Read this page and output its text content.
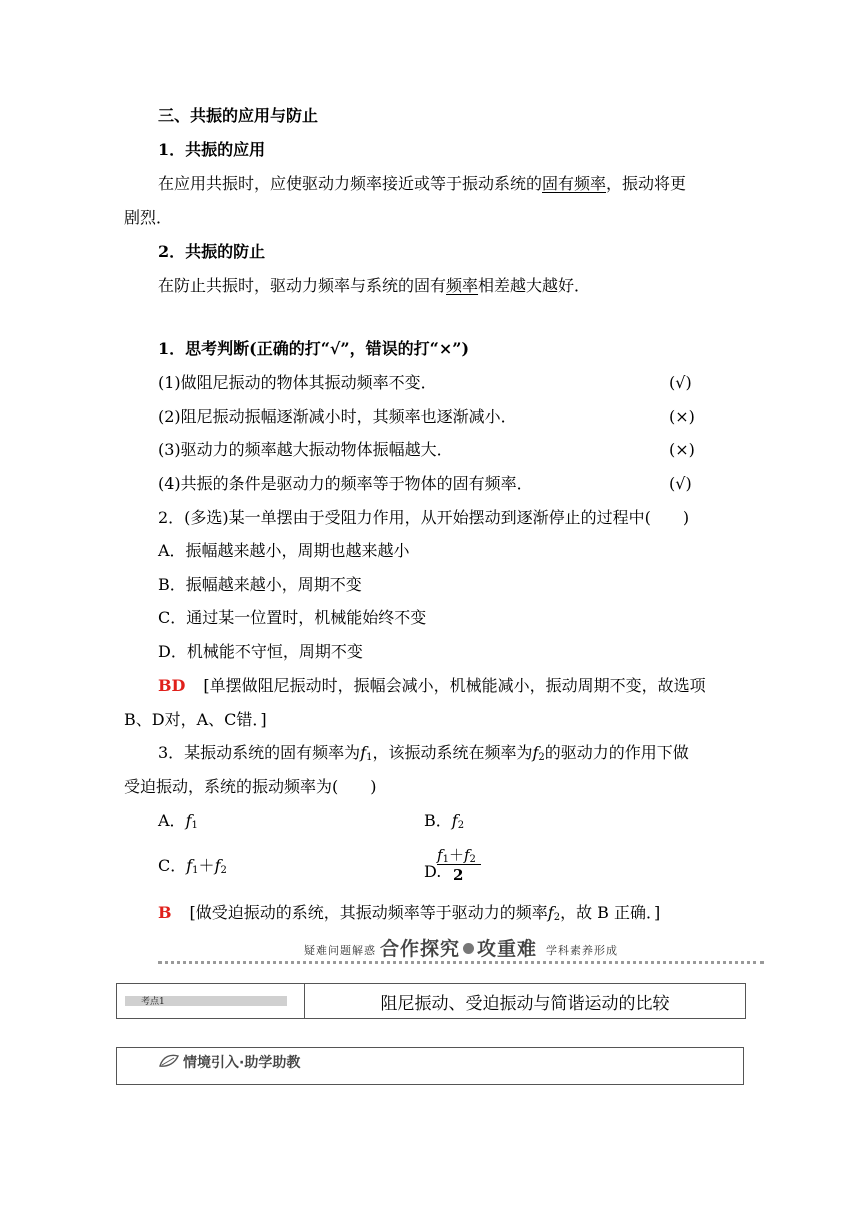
三、共振的应用与防止
1．共振的应用
在应用共振时，应使驱动力频率接近或等于振动系统的固有频率，振动将更
剧烈．
2．共振的防止
在防止共振时，驱动力频率与系统的固有频率相差越大越好．
1．思考判断(正确的打“√”，错误的打“×”)
(1)做阻尼振动的物体其振动频率不变．	(√)
(2)阻尼振动振幅逐渐减小时，其频率也逐渐减小．	(×)
(3)驱动力的频率越大振动物体振幅越大．	(×)
(4)共振的条件是驱动力的频率等于物体的固有频率．	(√)
2．(多选)某一单摆由于受阻力作用，从开始摆动到逐渐停止的过程中(　　)
A．振幅越来越小，周期也越来越小
B．振幅越来越小，周期不变
C．通过某一位置时，机械能始终不变
D．机械能不守恒，周期不变
BD [单摆做阻尼振动时，振幅会减小，机械能减小，振动周期不变，故选项
B、D对，A、C错．]
3．某振动系统的固有频率为$f_1$，该振动系统在频率为$f_2$的驱动力的作用下做
受迫振动，系统的振动频率为(　　)
A．$f_1$	B．$f_2$
C．$f_1+f_2$	D.
$f_1+f_2$
2
B [做受迫振动的系统，其振动频率等于驱动力的频率$f_2$，故 B 正确．]
疑难问题解惑 合作探究 攻重难 学科素养形成
考点1	阻尼振动、受迫振动与简谐运动的比较
情境引入·助学助教
